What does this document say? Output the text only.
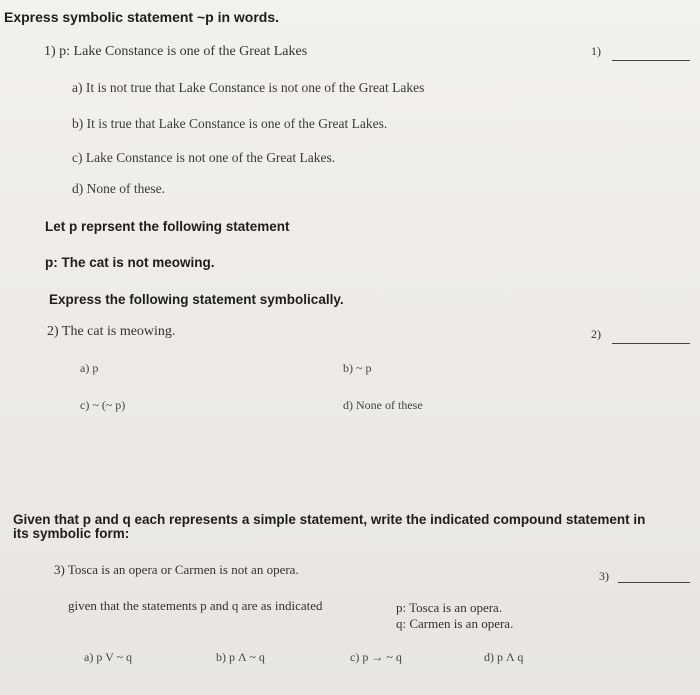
Express symbolic statement ~p in words.
1) p: Lake Constance is one of the Great Lakes	1)
a) It is not true that Lake Constance is not one of the Great Lakes
b) It is true that Lake Constance is one of the Great Lakes.
c) Lake Constance is not one of the Great Lakes.
d) None of these.
Let p reprsent the following statement
p: The cat is not meowing.
Express the following statement symbolically.
2) The cat is meowing.	2)
a) p	b) ~ p
c) ~ (~ p)	d) None of these
Given that p and q each represents a simple statement, write the indicated compound statement in
its symbolic form:
3) Tosca is an opera or Carmen is not an opera.	3)
given that the statements p and q are as indicated	p: Tosca is an opera.
q: Carmen is an opera.
a) p V ~ q	b) p Λ ~ q	c) p → ~ q	d) p Λ q
